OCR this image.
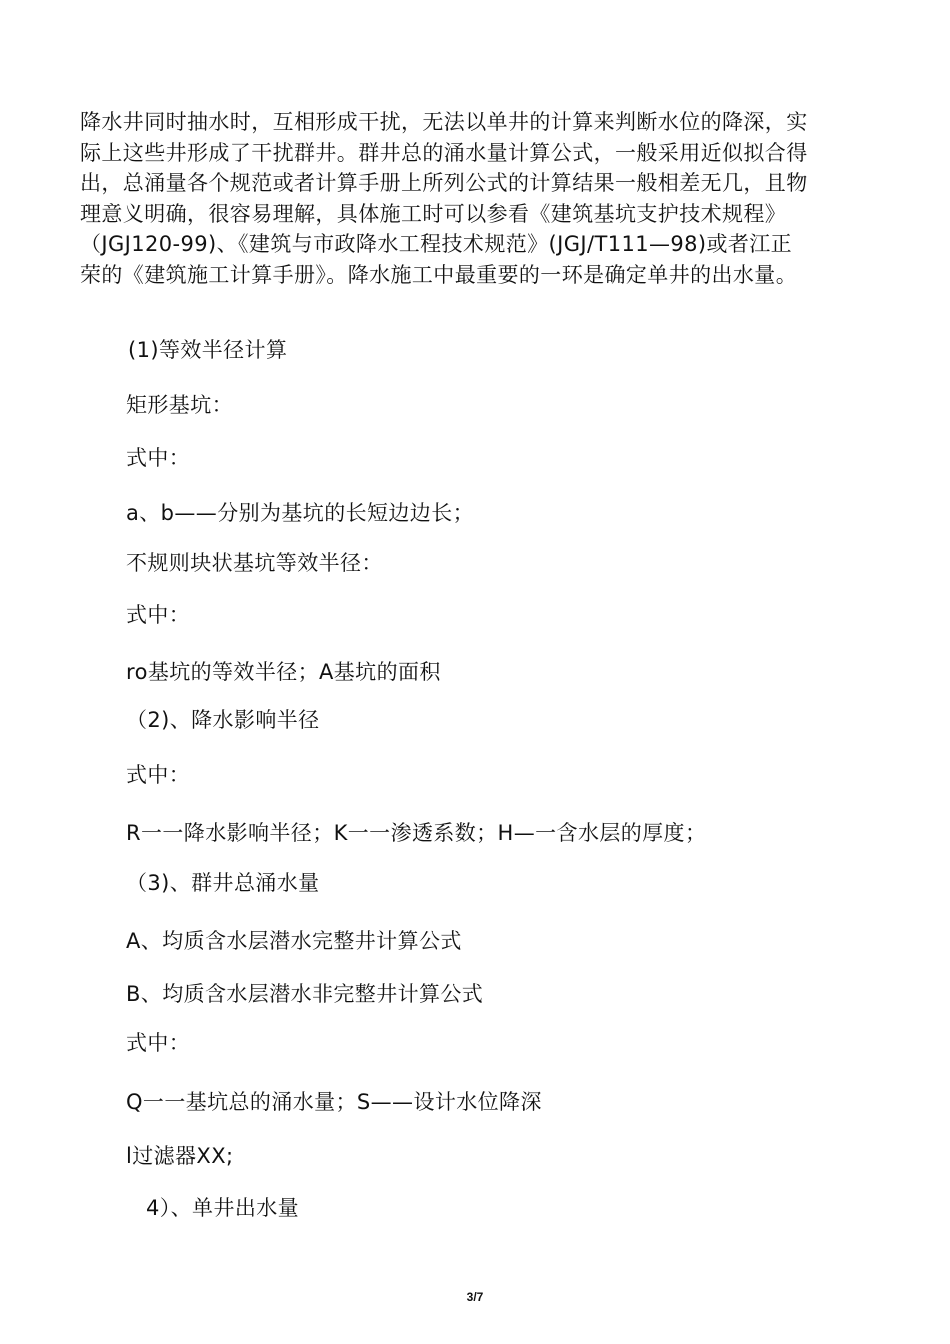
降水井同时抽水时，互相形成干扰，无法以单井的计算来判断水位的降深，实
际上这些井形成了干扰群井。群井总的涌水量计算公式，一般采用近似拟合得
出，总涌量各个规范或者计算手册上所列公式的计算结果一般相差无几，且物
理意义明确，很容易理解，具体施工时可以参看《建筑基坑支护技术规程》
（JGJ120-99)、《建筑与市政降水工程技术规范》(JGJ/T111—98)或者江正
荣的《建筑施工计算手册》。降水施工中最重要的一环是确定单井的出水量。
(1)等效半径计算
矩形基坑：
式中：
a、b——分别为基坑的长短边边长；
不规则块状基坑等效半径：
式中：
ro基坑的等效半径；A基坑的面积
（2)、降水影响半径
式中：
R一一降水影响半径；K一一渗透系数；H—一含水层的厚度；
（3)、群井总涌水量
A、均质含水层潜水完整井计算公式
B、均质含水层潜水非完整井计算公式
式中：
Q一一基坑总的涌水量；S——设计水位降深
l过滤器XX;
4）、单井出水量
3/7
